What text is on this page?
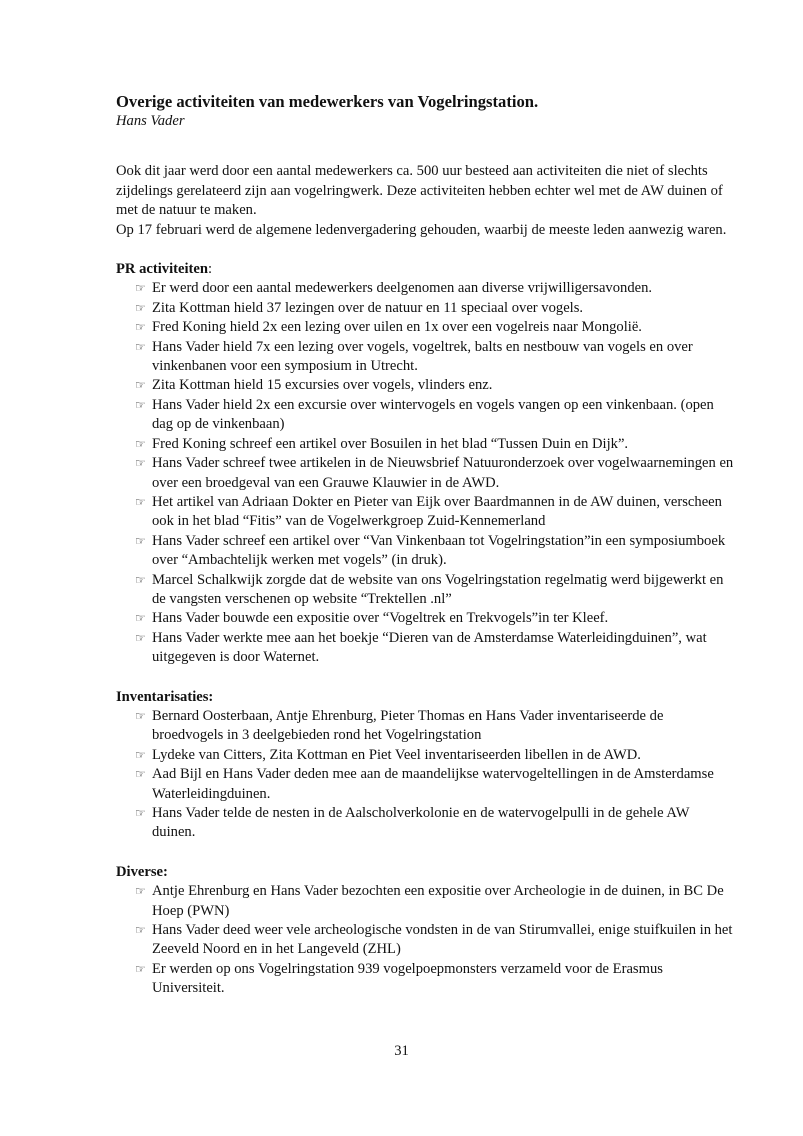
Overige activiteiten van medewerkers van Vogelringstation.

Hans Vader

Ook dit jaar werd door een aantal medewerkers ca. 500 uur besteed aan activiteiten die niet of slechts zijdelings gerelateerd zijn aan vogelringwerk. Deze activiteiten hebben echter wel met de AW duinen of met de natuur te maken.

Op 17 februari werd de algemene ledenvergadering gehouden, waarbij de meeste leden aanwezig waren.

PR activiteiten:

☞ Er werd door een aantal medewerkers deelgenomen aan diverse vrijwilligersavonden.
☞ Zita Kottman hield 37 lezingen over de natuur en 11 speciaal over vogels.
☞ Fred Koning hield 2x een lezing over uilen en 1x over een vogelreis naar Mongolië.
☞ Hans Vader hield 7x een lezing over vogels, vogeltrek, balts en nestbouw van vogels en over vinkenbanen voor een symposium in Utrecht.
☞ Zita Kottman hield 15 excursies over vogels, vlinders enz.
☞ Hans Vader hield 2x een excursie over wintervogels en vogels vangen op een vinkenbaan. (open dag op de vinkenbaan)
☞ Fred Koning schreef een artikel over Bosuilen in het blad “Tussen Duin en Dijk”.
☞ Hans Vader schreef twee artikelen in de Nieuwsbrief Natuuronderzoek over vogelwaarnemingen en over een broedgeval van een Grauwe Klauwier in de AWD.
☞ Het artikel van Adriaan Dokter en Pieter van Eijk over Baardmannen in de AW duinen, verscheen ook in het blad “Fitis” van de Vogelwerkgroep Zuid-Kennemerland
☞ Hans Vader schreef een artikel over “Van Vinkenbaan tot Vogelringstation”in een symposiumboek over “Ambachtelijk werken met vogels” (in druk).
☞ Marcel Schalkwijk zorgde dat de website van ons Vogelringstation regelmatig werd bijgewerkt en de vangsten verschenen op website “Trektellen .nl”
☞ Hans Vader bouwde een expositie over “Vogeltrek en Trekvogels”in ter Kleef.
☞ Hans Vader werkte mee aan het boekje “Dieren van de Amsterdamse Waterleidingduinen”, wat uitgegeven is door Waternet.

Inventarisaties:

☞ Bernard Oosterbaan, Antje Ehrenburg, Pieter Thomas en Hans Vader inventariseerde de broedvogels in 3 deelgebieden rond het Vogelringstation
☞ Lydeke van Citters, Zita Kottman en Piet Veel inventariseerden libellen in de AWD.
☞ Aad Bijl en Hans Vader deden mee aan de maandelijkse watervogeltellingen in de Amsterdamse Waterleidingduinen.
☞ Hans Vader telde de nesten in de Aalscholverkolonie en de watervogelpulli in de gehele AW duinen.

Diverse:

☞ Antje Ehrenburg en Hans Vader bezochten een expositie over Archeologie in de duinen, in BC De Hoep (PWN)
☞ Hans Vader deed weer vele archeologische vondsten in de van Stirumvallei, enige stuifkuilen in het Zeeveld Noord en in het Langeveld (ZHL)
☞ Er werden op ons Vogelringstation 939 vogelpoepmonsters verzameld voor de Erasmus Universiteit.
31
